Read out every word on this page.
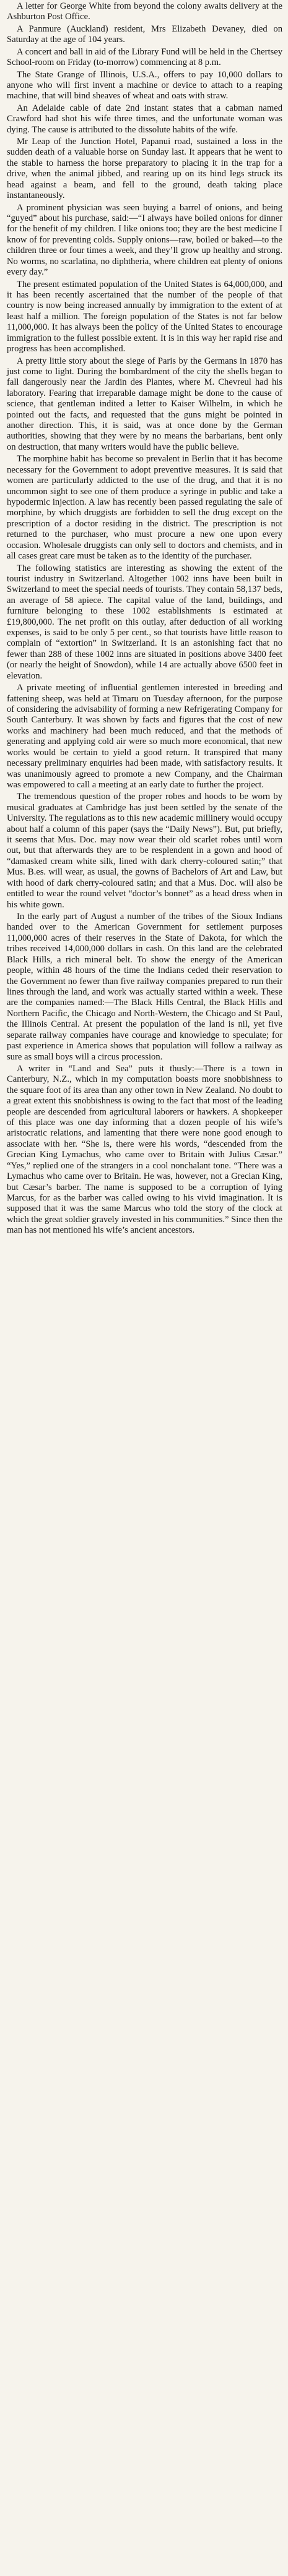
A letter for George White from beyond the colony awaits delivery at the Ashburton Post Office.

A Panmure (Auckland) resident, Mrs Elizabeth Devaney, died on Saturday at the age of 104 years.

A concert and ball in aid of the Library Fund will be held in the Chertsey School-room on Friday (to-morrow) commencing at 8 p.m.

The State Grange of Illinois, U.S.A., offers to pay 10,000 dollars to anyone who will first invent a machine or device to attach to a reaping machine, that will bind sheaves of wheat and oats with straw.

An Adelaide cable of date 2nd instant states that a cabman named Crawford had shot his wife three times, and the unfortunate woman was dying. The cause is attributed to the dissolute habits of the wife.

Mr Leap of the Junction Hotel, Papanui road, sustained a loss in the sudden death of a valuable horse on Sunday last. It appears that he went to the stable to harness the horse preparatory to placing it in the trap for a drive, when the animal jibbed, and rearing up on its hind legs struck its head against a beam, and fell to the ground, death taking place instantaneously.

A prominent physician was seen buying a barrel of onions, and being “guyed” about his purchase, said:—“I always have boiled onions for dinner for the benefit of my children. I like onions too; they are the best medicine I know of for preventing colds. Supply onions—raw, boiled or baked—to the children three or four times a week, and they’ll grow up healthy and strong. No worms, no scarlatina, no diphtheria, where children eat plenty of onions every day.”

The present estimated population of the United States is 64,000,000, and it has been recently ascertained that the number of the people of that country is now being increased annually by immigration to the extent of at least half a million. The foreign population of the States is not far below 11,000,000. It has always been the policy of the United States to encourage immigration to the fullest possible extent. It is in this way her rapid rise and progress has been accomplished.

A pretty little story about the siege of Paris by the Germans in 1870 has just come to light. During the bombardment of the city the shells began to fall dangerously near the Jardin des Plantes, where M. Chevreul had his laboratory. Fearing that irreparable damage might be done to the cause of science, that gentleman indited a letter to Kaiser Wilhelm, in which he pointed out the facts, and requested that the guns might be pointed in another direction. This, it is said, was at once done by the German authorities, showing that they were by no means the barbarians, bent only on destruction, that many writers would have the public believe.

The morphine habit has become so prevalent in Berlin that it has become necessary for the Government to adopt preventive measures. It is said that women are particularly addicted to the use of the drug, and that it is no uncommon sight to see one of them produce a syringe in public and take a hypodermic injection. A law has recently been passed regulating the sale of morphine, by which druggists are forbidden to sell the drug except on the prescription of a doctor residing in the district. The prescription is not returned to the purchaser, who must procure a new one upon every occasion. Wholesale druggists can only sell to doctors and chemists, and in all cases great care must be taken as to the identity of the purchaser.

The following statistics are interesting as showing the extent of the tourist industry in Switzerland. Altogether 1002 inns have been built in Switzerland to meet the special needs of tourists. They contain 58,137 beds, an average of 58 apiece. The capital value of the land, buildings, and furniture belonging to these 1002 establishments is estimated at £19,800,000. The net profit on this outlay, after deduction of all working expenses, is said to be only 5 per cent., so that tourists have little reason to complain of “extortion” in Switzerland. It is an astonishing fact that no fewer than 288 of these 1002 inns are situated in positions above 3400 feet (or nearly the height of Snowdon), while 14 are actually above 6500 feet in elevation.

A private meeting of influential gentlemen interested in breeding and fattening sheep, was held at Timaru on Tuesday afternoon, for the purpose of considering the advisability of forming a new Refrigerating Company for South Canterbury. It was shown by facts and figures that the cost of new works and machinery had been much reduced, and that the methods of generating and applying cold air were so much more economical, that new works would be certain to yield a good return. It transpired that many necessary preliminary enquiries had been made, with satisfactory results. It was unanimously agreed to promote a new Company, and the Chairman was empowered to call a meeting at an early date to further the project.

The tremendous question of the proper robes and hoods to be worn by musical graduates at Cambridge has just been settled by the senate of the University. The regulations as to this new academic millinery would occupy about half a column of this paper (says the “Daily News”). But, put briefly, it seems that Mus. Doc. may now wear their old scarlet robes until worn out, but that afterwards they are to be resplendent in a gown and hood of “damasked cream white silk, lined with dark cherry-coloured satin;” that Mus. B.es. will wear, as usual, the gowns of Bachelors of Art and Law, but with hood of dark cherry-coloured satin; and that a Mus. Doc. will also be entitled to wear the round velvet “doctor’s bonnet” as a head dress when in his white gown.

In the early part of August a number of the tribes of the Sioux Indians handed over to the American Government for settlement purposes 11,000,000 acres of their reserves in the State of Dakota, for which the tribes received 14,000,000 dollars in cash. On this land are the celebrated Black Hills, a rich mineral belt. To show the energy of the American people, within 48 hours of the time the Indians ceded their reservation to the Government no fewer than five railway companies prepared to run their lines through the land, and work was actually started within a week. These are the companies named:—The Black Hills Central, the Black Hills and Northern Pacific, the Chicago and North-Western, the Chicago and St Paul, the Illinois Central. At present the population of the land is nil, yet five separate railway companies have courage and knowledge to speculate; for past experience in America shows that population will follow a railway as sure as small boys will a circus procession.

A writer in “Land and Sea” puts it thusly:—There is a town in Canterbury, N.Z., which in my computation boasts more snobbishness to the square foot of its area than any other town in New Zealand. No doubt to a great extent this snobbishness is owing to the fact that most of the leading people are descended from agricultural laborers or hawkers. A shopkeeper of this place was one day informing that a dozen people of his wife’s aristocratic relations, and lamenting that there were none good enough to associate with her. “She is, there were his words, “descended from the Grecian King Lymachus, who came over to Britain with Julius Cæsar.” “Yes,” replied one of the strangers in a cool nonchalant tone. “There was a Lymachus who came over to Britain. He was, however, not a Grecian King, but Cæsar’s barber. The name is supposed to be a corruption of lying Marcus, for as the barber was called owing to his vivid imagination. It is supposed that it was the same Marcus who told the story of the clock at which the great soldier gravely invested in his communities.” Since then the man has not mentioned his wife’s ancient ancestors.
